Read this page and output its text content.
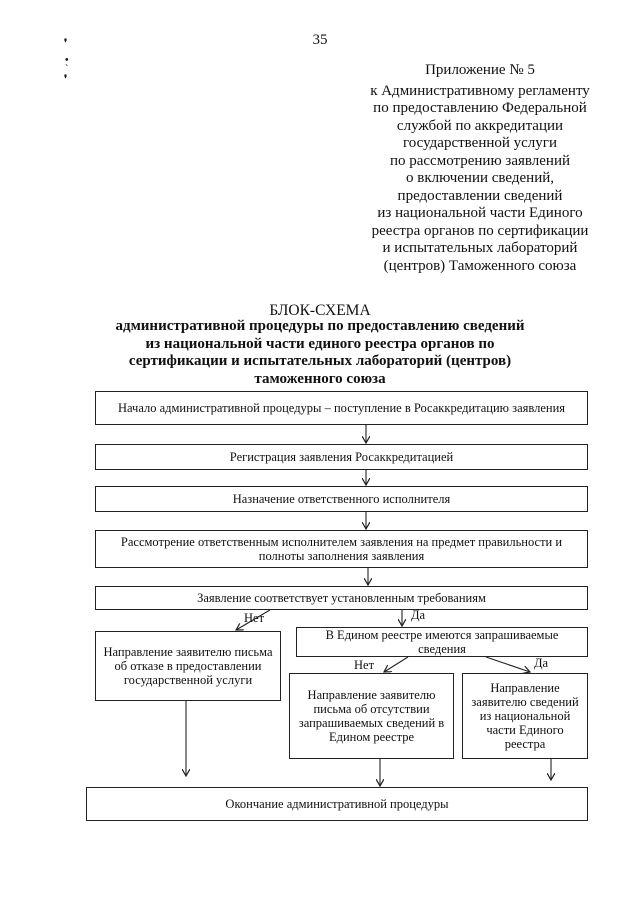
35
❜
•
ˋ
❜
Приложение № 5
к Административному регламенту
по предоставлению Федеральной
службой по аккредитации
государственной услуги
по рассмотрению заявлений
о включении сведений,
предоставлении сведений
из национальной части Единого
реестра органов по сертификации
и испытательных лабораторий
(центров) Таможенного союза
БЛОК-СХЕМА
административной процедуры по предоставлению сведений из национальной части единого реестра органов по сертификации и испытательных лабораторий (центров) таможенного союза
Начало административной процедуры – поступление в Росаккредитацию заявления
Регистрация заявления Росаккредитацией
Назначение ответственного исполнителя
Рассмотрение ответственным исполнителем заявления на предмет правильности и полноты заполнения заявления
Заявление соответствует установленным требованиям
Направление заявителю письма об отказе в предоставлении государственной услуги
В Едином реестре имеются запрашиваемые сведения
Направление заявителю письма об отсутствии запрашиваемых сведений в Едином реестре
Направление заявителю сведений из национальной части Единого реестра
Окончание административной процедуры
Нет	Да
Нет	Да
